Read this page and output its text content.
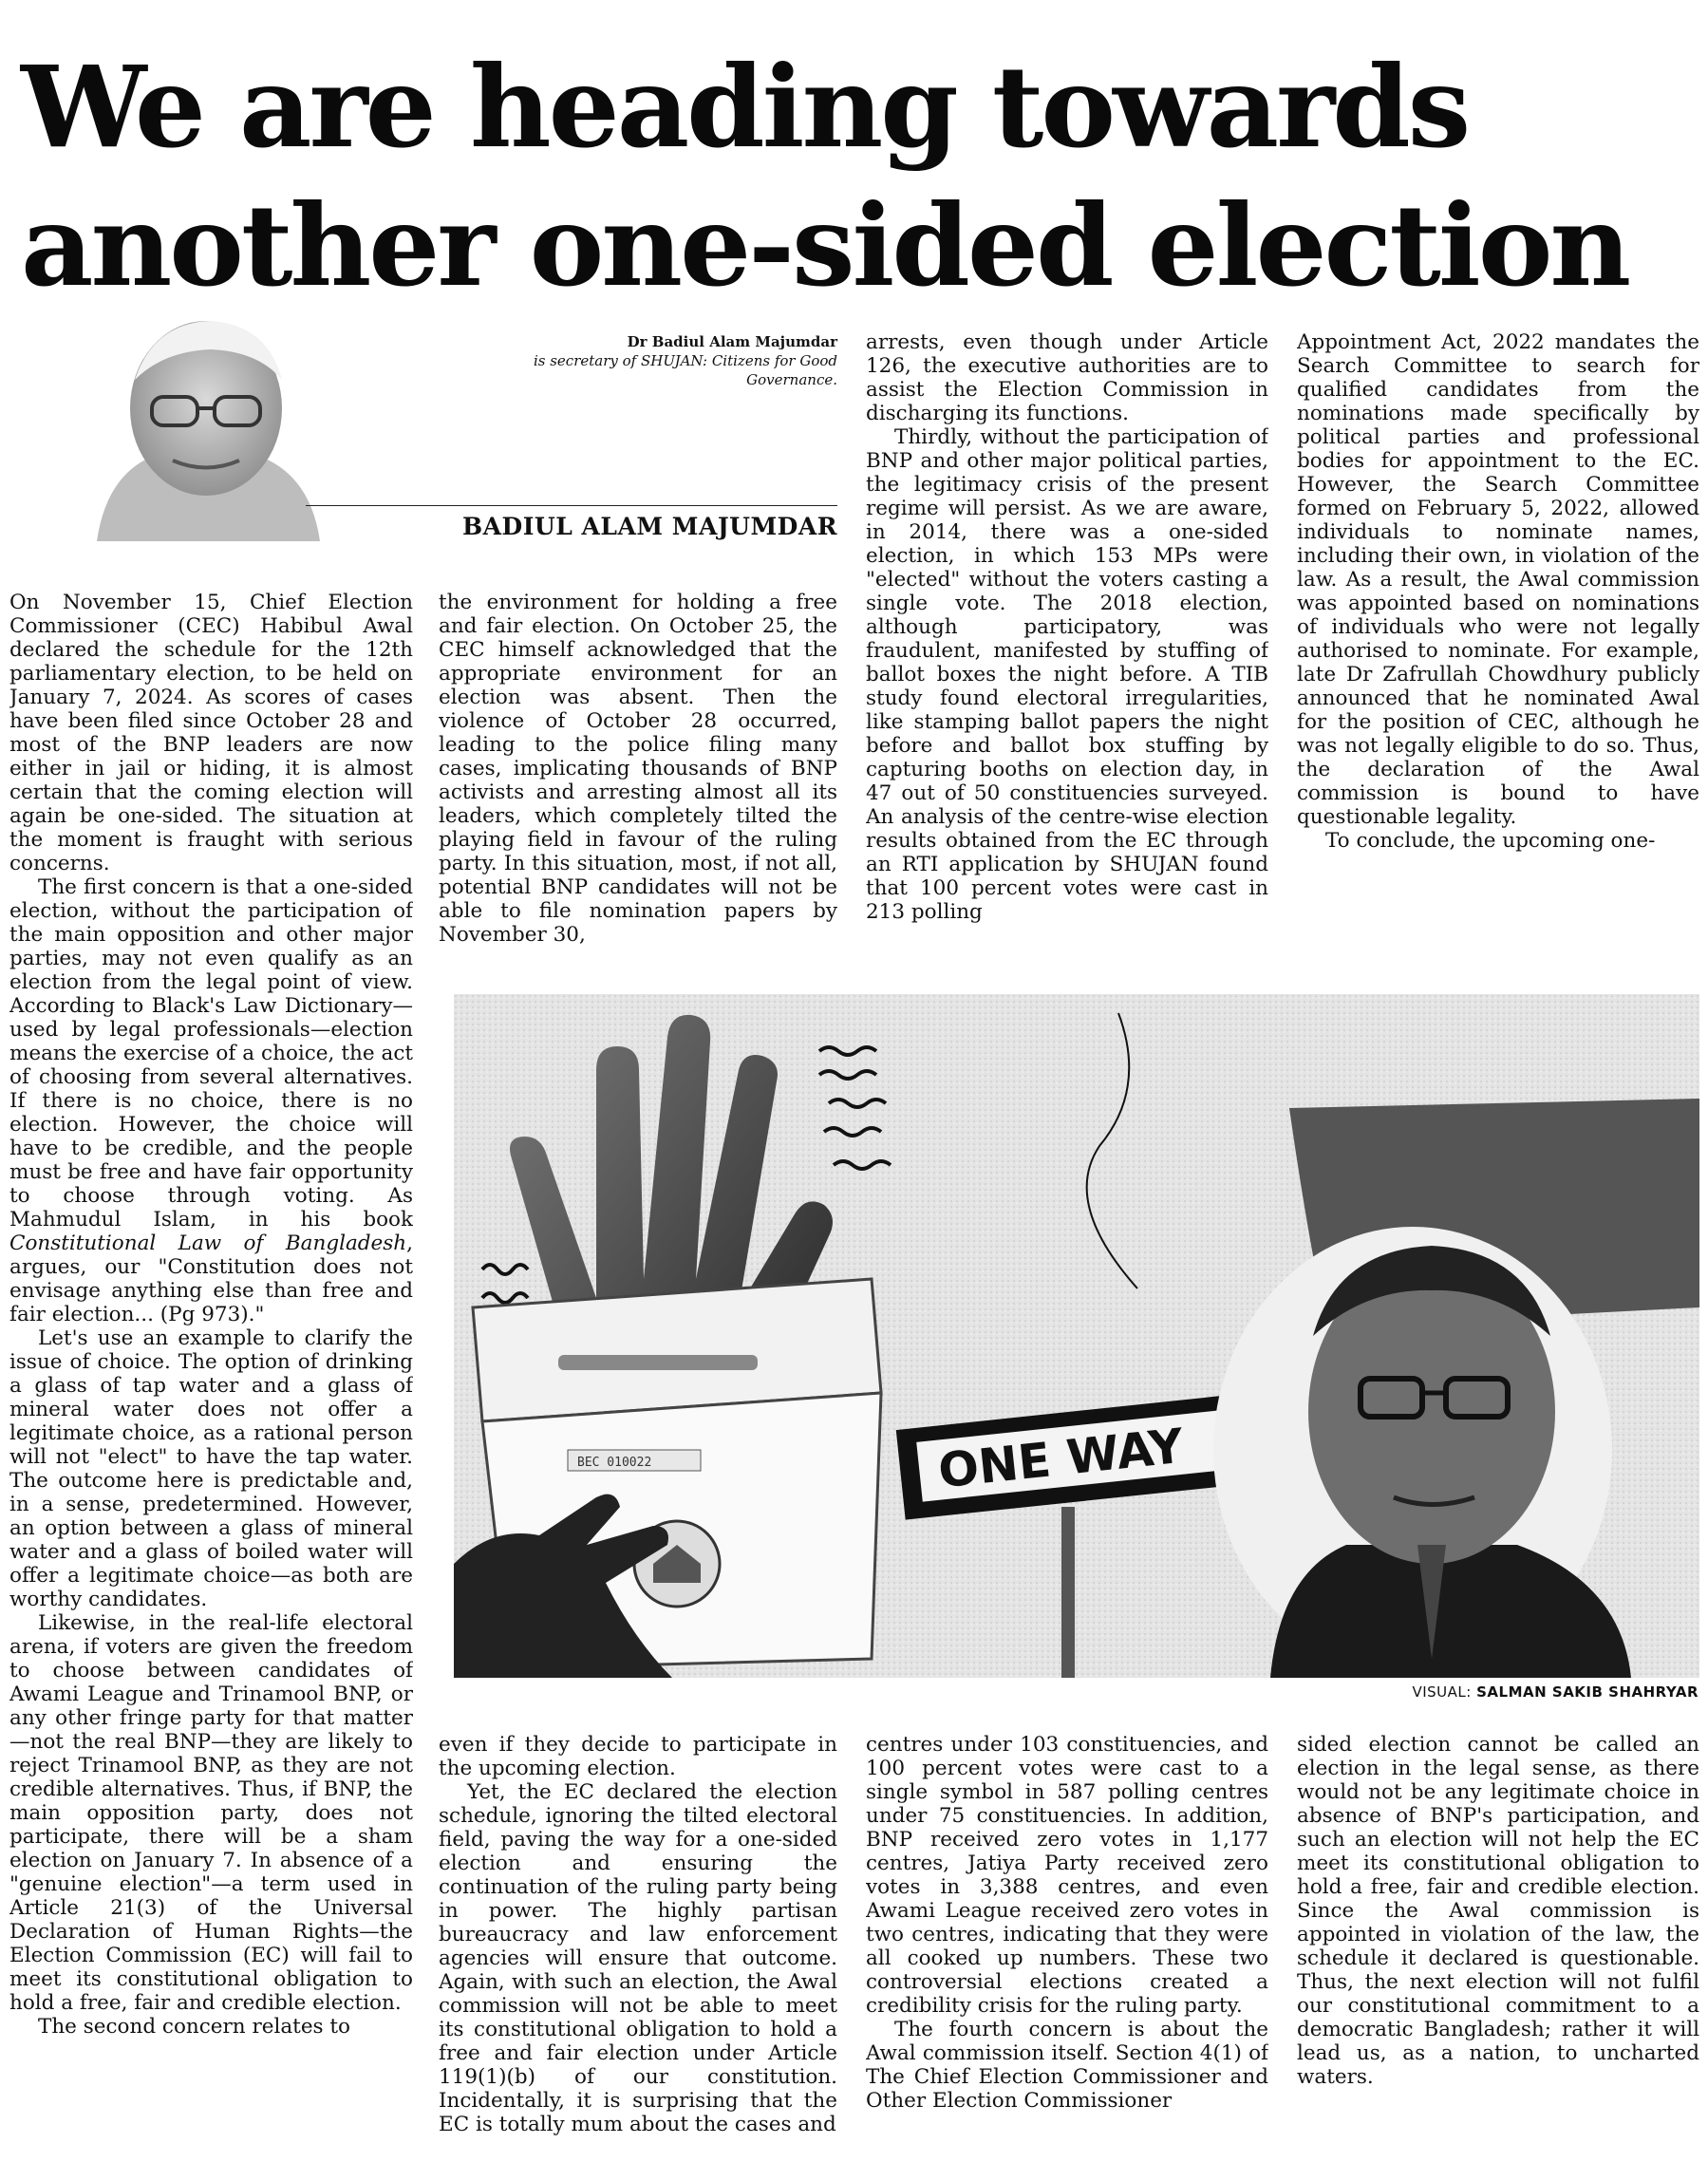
We are heading towards
another one-sided election
Dr Badiul Alam Majumdar
is secretary of SHUJAN: Citizens for Good Governance.
BADIUL ALAM MAJUMDAR

On November 15, Chief Election Commissioner (CEC) Habibul Awal declared the schedule for the 12th parliamentary election, to be held on January 7, 2024. As scores of cases have been filed since October 28 and most of the BNP leaders are now either in jail or hiding, it is almost certain that the coming election will again be one-sided. The situation at the moment is fraught with serious concerns.

The first concern is that a one-sided election, without the participation of the main opposition and other major parties, may not even qualify as an election from the legal point of view. According to Black's Law Dictionary—used by legal professionals—election means the exercise of a choice, the act of choosing from several alternatives. If there is no choice, there is no election. However, the choice will have to be credible, and the people must be free and have fair opportunity to choose through voting. As Mahmudul Islam, in his book Constitutional Law of Bangladesh, argues, our "Constitution does not envisage anything else than free and fair election... (Pg 973)."

Let's use an example to clarify the issue of choice. The option of drinking a glass of tap water and a glass of mineral water does not offer a legitimate choice, as a rational person will not "elect" to have the tap water. The outcome here is predictable and, in a sense, predetermined. However, an option between a glass of mineral water and a glass of boiled water will offer a legitimate choice—as both are worthy candidates.

Likewise, in the real-life electoral arena, if voters are given the freedom to choose between candidates of Awami League and Trinamool BNP, or any other fringe party for that matter—not the real BNP—they are likely to reject Trinamool BNP, as they are not credible alternatives. Thus, if BNP, the main opposition party, does not participate, there will be a sham election on January 7. In absence of a "genuine election"—a term used in Article 21(3) of the Universal Declaration of Human Rights—the Election Commission (EC) will fail to meet its constitutional obligation to hold a free, fair and credible election.

The second concern relates to

the environment for holding a free and fair election. On October 25, the CEC himself acknowledged that the appropriate environment for an election was absent. Then the violence of October 28 occurred, leading to the police filing many cases, implicating thousands of BNP activists and arresting almost all its leaders, which completely tilted the playing field in favour of the ruling party. In this situation, most, if not all, potential BNP candidates will not be able to file nomination papers by November 30,

arrests, even though under Article 126, the executive authorities are to assist the Election Commission in discharging its functions.

Thirdly, without the participation of BNP and other major political parties, the legitimacy crisis of the present regime will persist. As we are aware, in 2014, there was a one-sided election, in which 153 MPs were "elected" without the voters casting a single vote. The 2018 election, although participatory, was fraudulent, manifested by stuffing of ballot boxes the night before. A TIB study found electoral irregularities, like stamping ballot papers the night before and ballot box stuffing by capturing booths on election day, in 47 out of 50 constituencies surveyed. An analysis of the centre-wise election results obtained from the EC through an RTI application by SHUJAN found that 100 percent votes were cast in 213 polling

Appointment Act, 2022 mandates the Search Committee to search for qualified candidates from the nominations made specifically by political parties and professional bodies for appointment to the EC. However, the Search Committee formed on February 5, 2022, allowed individuals to nominate names, including their own, in violation of the law. As a result, the Awal commission was appointed based on nominations of individuals who were not legally authorised to nominate. For example, late Dr Zafrullah Chowdhury publicly announced that he nominated Awal for the position of CEC, although he was not legally eligible to do so. Thus, the declaration of the Awal commission is bound to have questionable legality.

To conclude, the upcoming one-

BEC 010022	ONE WAY
VISUAL: SALMAN SAKIB SHAHRYAR

even if they decide to participate in the upcoming election.

Yet, the EC declared the election schedule, ignoring the tilted electoral field, paving the way for a one-sided election and ensuring the continuation of the ruling party being in power. The highly partisan bureaucracy and law enforcement agencies will ensure that outcome. Again, with such an election, the Awal commission will not be able to meet its constitutional obligation to hold a free and fair election under Article 119(1)(b) of our constitution. Incidentally, it is surprising that the EC is totally mum about the cases and

centres under 103 constituencies, and 100 percent votes were cast to a single symbol in 587 polling centres under 75 constituencies. In addition, BNP received zero votes in 1,177 centres, Jatiya Party received zero votes in 3,388 centres, and even Awami League received zero votes in two centres, indicating that they were all cooked up numbers. These two controversial elections created a credibility crisis for the ruling party.

The fourth concern is about the Awal commission itself. Section 4(1) of The Chief Election Commissioner and Other Election Commissioner

sided election cannot be called an election in the legal sense, as there would not be any legitimate choice in absence of BNP's participation, and such an election will not help the EC meet its constitutional obligation to hold a free, fair and credible election. Since the Awal commission is appointed in violation of the law, the schedule it declared is questionable. Thus, the next election will not fulfil our constitutional commitment to a democratic Bangladesh; rather it will lead us, as a nation, to uncharted waters.
